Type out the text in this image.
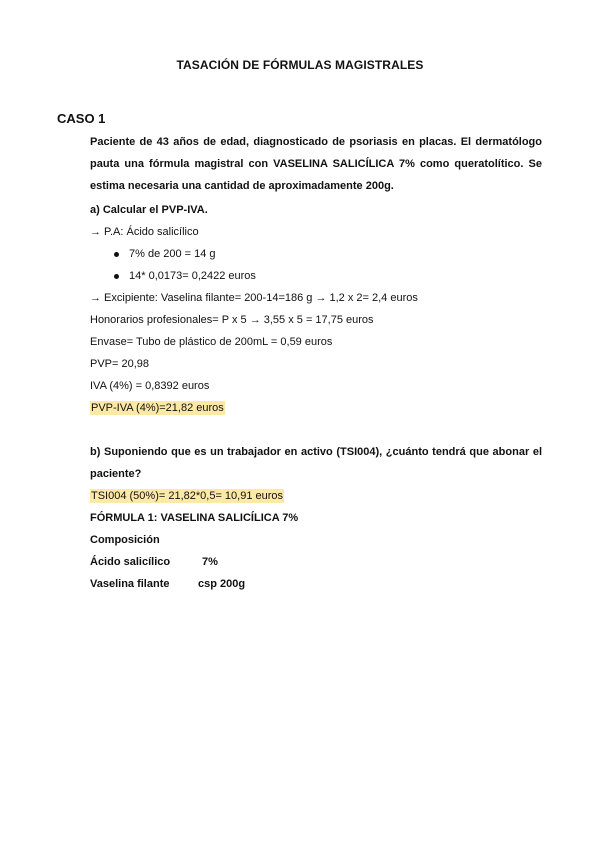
TASACIÓN DE FÓRMULAS MAGISTRALES
CASO 1
Paciente de 43 años de edad, diagnosticado de psoriasis en placas. El dermatólogo pauta una fórmula magistral con VASELINA SALICÍLICA 7% como queratolítico. Se estima necesaria una cantidad de aproximadamente 200g.
a) Calcular el PVP-IVA.
→ P.A: Ácido salicílico
7% de 200 = 14 g
14* 0,0173= 0,2422 euros
→ Excipiente: Vaselina filante= 200-14=186 g → 1,2 x 2= 2,4 euros
Honorarios profesionales= P x 5 → 3,55 x 5 = 17,75 euros
Envase= Tubo de plástico de 200mL = 0,59 euros
PVP= 20,98
IVA (4%) = 0,8392 euros
PVP-IVA (4%)=21,82 euros
b) Suponiendo que es un trabajador en activo (TSI004), ¿cuánto tendrá que abonar el paciente?
TSI004 (50%)= 21,82*0,5= 10,91 euros
FÓRMULA 1: VASELINA SALICÍLICA 7%
Composición
Ácido salicílico	7%
Vaselina filante	csp 200g
